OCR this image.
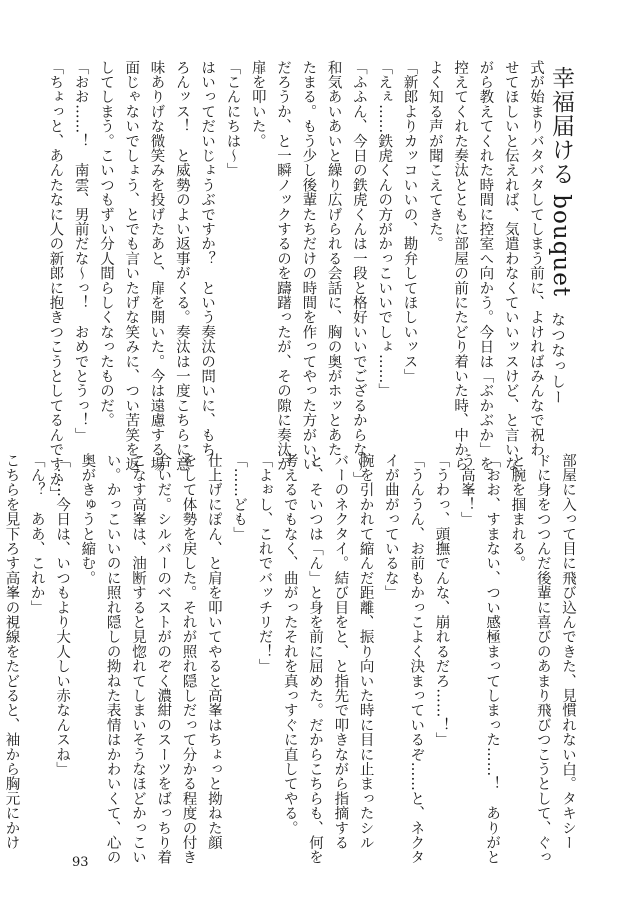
式が始まりバタバタしてしまう前に、よければみんなで祝わ
せてほしいと伝えれば、気遣わなくていいッスけど、と言いな
がら教えてくれた時間に控室へ向かう。今日は「ぶかぶか」を
控えてくれた奏汰とともに部屋の前にたどり着いた時、中から
よく知る声が聞こえてきた。
「新郎よりカッコいいの、勘弁してほしいッス」
「えぇ……鉄虎くんの方がかっこいいでしょ……」
「ふふん、今日の鉄虎くんは一段と格好いいでござるからな～」
和気あいあいと繰り広げられる会話に、胸の奥がホッとあた
たまる。もう少し後輩たちだけの時間を作ってやった方がいい
だろうか、と一瞬ノックするのを躊躇ったが、その隙に奏汰が
扉を叩いた。
「こんにちは～」
はいってだいじょうぶですか？　という奏汰の問いに、もち
ろんッス！　と威勢のよい返事がくる。奏汰は一度こちらに意
味ありげな微笑みを投げたあと、扉を開いた。今は遠慮する場
面じゃないでしょう、とでも言いたげな笑みに、つい苦笑を返
してしまう。こいつもずい分人間らしくなったものだ。
「おお……！　南雲、男前だな～っ！　おめでとうっ！」
「ちょっと、あんたなに人の新郎に抱きつこうとしてるんですか」	幸福届ける bouquet
なつなっしー
部屋に入って目に飛び込んできた、見慣れない白。タキシー
ドに身をつつんだ後輩に喜びのあまり飛びつこうとして、ぐっ
と腕を掴まれる。
「おお、すまない、つい感極まってしまった……！　ありがと
う高峯！」
「うわっ、頭撫でんな、崩れるだろ……！」
「うんうん、お前もかっこよく決まっているぞ……と、ネクタ
イが曲がっているな」
腕を引かれて縮んだ距離、振り向いた時に目に止まったシル
バーのネクタイ。結び目をと、と指先で叩きながら指摘する
と、そいつは「ん」と身を前に屈めた。だからこちらも、何を
考えるでもなく、曲がったそれを真っすぐに直してやる。
「よぉし、これでバッチリだ！」
「……ども」
仕上げにぽん、と肩を叩いてやると高峯はちょっと拗ねた顔
をして体勢を戻した。それが照れ隠しだって分かる程度の付き
合いだ。シルバーのベストがのぞく濃紺のスーツをばっちり着
こなす高峯は、油断すると見惚れてしまいそうなほどかっこい
い。かっこいいのに照れ隠しの拗ねた表情はかわいくて、心の
奥がきゅうと縮む。
「……今日は、いつもより大人しい赤なんスね」
「ん？　ああ、これか」
こちらを見下ろす高峯の視線をたどると、袖から胸元にかけ

93
